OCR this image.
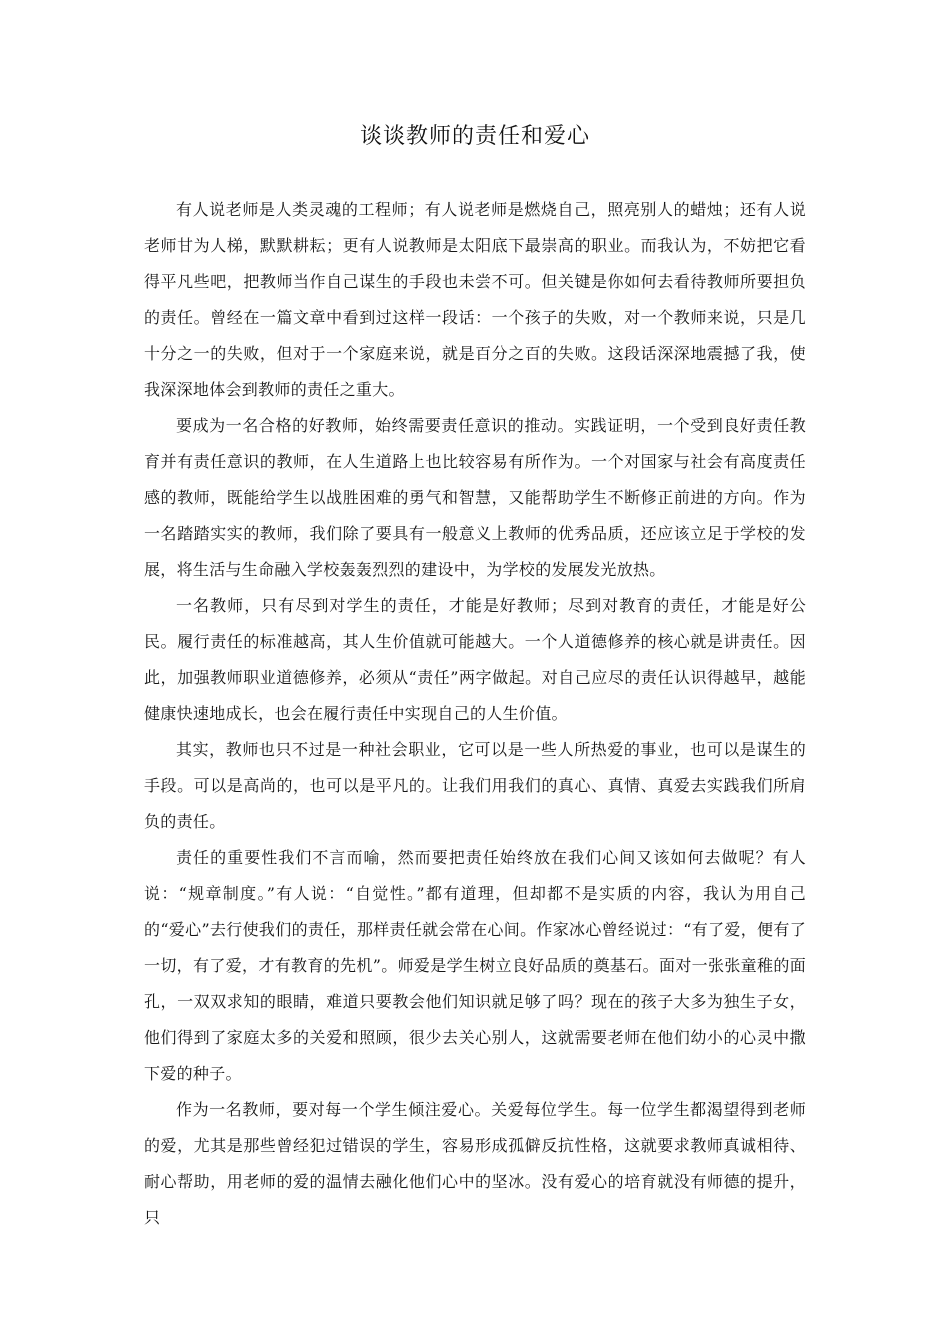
谈谈教师的责任和爱心

有人说老师是人类灵魂的工程师；有人说老师是燃烧自己，照亮别人的蜡烛；还有人说老师甘为人梯，默默耕耘；更有人说教师是太阳底下最崇高的职业。而我认为，不妨把它看得平凡些吧，把教师当作自己谋生的手段也未尝不可。但关键是你如何去看待教师所要担负的责任。曾经在一篇文章中看到过这样一段话：一个孩子的失败，对一个教师来说，只是几十分之一的失败，但对于一个家庭来说，就是百分之百的失败。这段话深深地震撼了我，使我深深地体会到教师的责任之重大。

要成为一名合格的好教师，始终需要责任意识的推动。实践证明，一个受到良好责任教育并有责任意识的教师，在人生道路上也比较容易有所作为。一个对国家与社会有高度责任感的教师，既能给学生以战胜困难的勇气和智慧，又能帮助学生不断修正前进的方向。作为一名踏踏实实的教师，我们除了要具有一般意义上教师的优秀品质，还应该立足于学校的发展，将生活与生命融入学校轰轰烈烈的建设中，为学校的发展发光放热。

一名教师，只有尽到对学生的责任，才能是好教师；尽到对教育的责任，才能是好公民。履行责任的标准越高，其人生价值就可能越大。一个人道德修养的核心就是讲责任。因此，加强教师职业道德修养，必须从“责任”两字做起。对自己应尽的责任认识得越早，越能健康快速地成长，也会在履行责任中实现自己的人生价值。

其实，教师也只不过是一种社会职业，它可以是一些人所热爱的事业，也可以是谋生的手段。可以是高尚的，也可以是平凡的。让我们用我们的真心、真情、真爱去实践我们所肩负的责任。

责任的重要性我们不言而喻，然而要把责任始终放在我们心间又该如何去做呢？有人说：“规章制度。”有人说：“自觉性。”都有道理，但却都不是实质的内容，我认为用自己的“爱心”去行使我们的责任，那样责任就会常在心间。作家冰心曾经说过：“有了爱，便有了一切，有了爱，才有教育的先机”。师爱是学生树立良好品质的奠基石。面对一张张童稚的面孔，一双双求知的眼睛，难道只要教会他们知识就足够了吗？现在的孩子大多为独生子女，他们得到了家庭太多的关爱和照顾，很少去关心别人，这就需要老师在他们幼小的心灵中撒下爱的种子。

作为一名教师，要对每一个学生倾注爱心。关爱每位学生。每一位学生都渴望得到老师的爱，尤其是那些曾经犯过错误的学生，容易形成孤僻反抗性格，这就要求教师真诚相待、耐心帮助，用老师的爱的温情去融化他们心中的坚冰。没有爱心的培育就没有师德的提升，只
